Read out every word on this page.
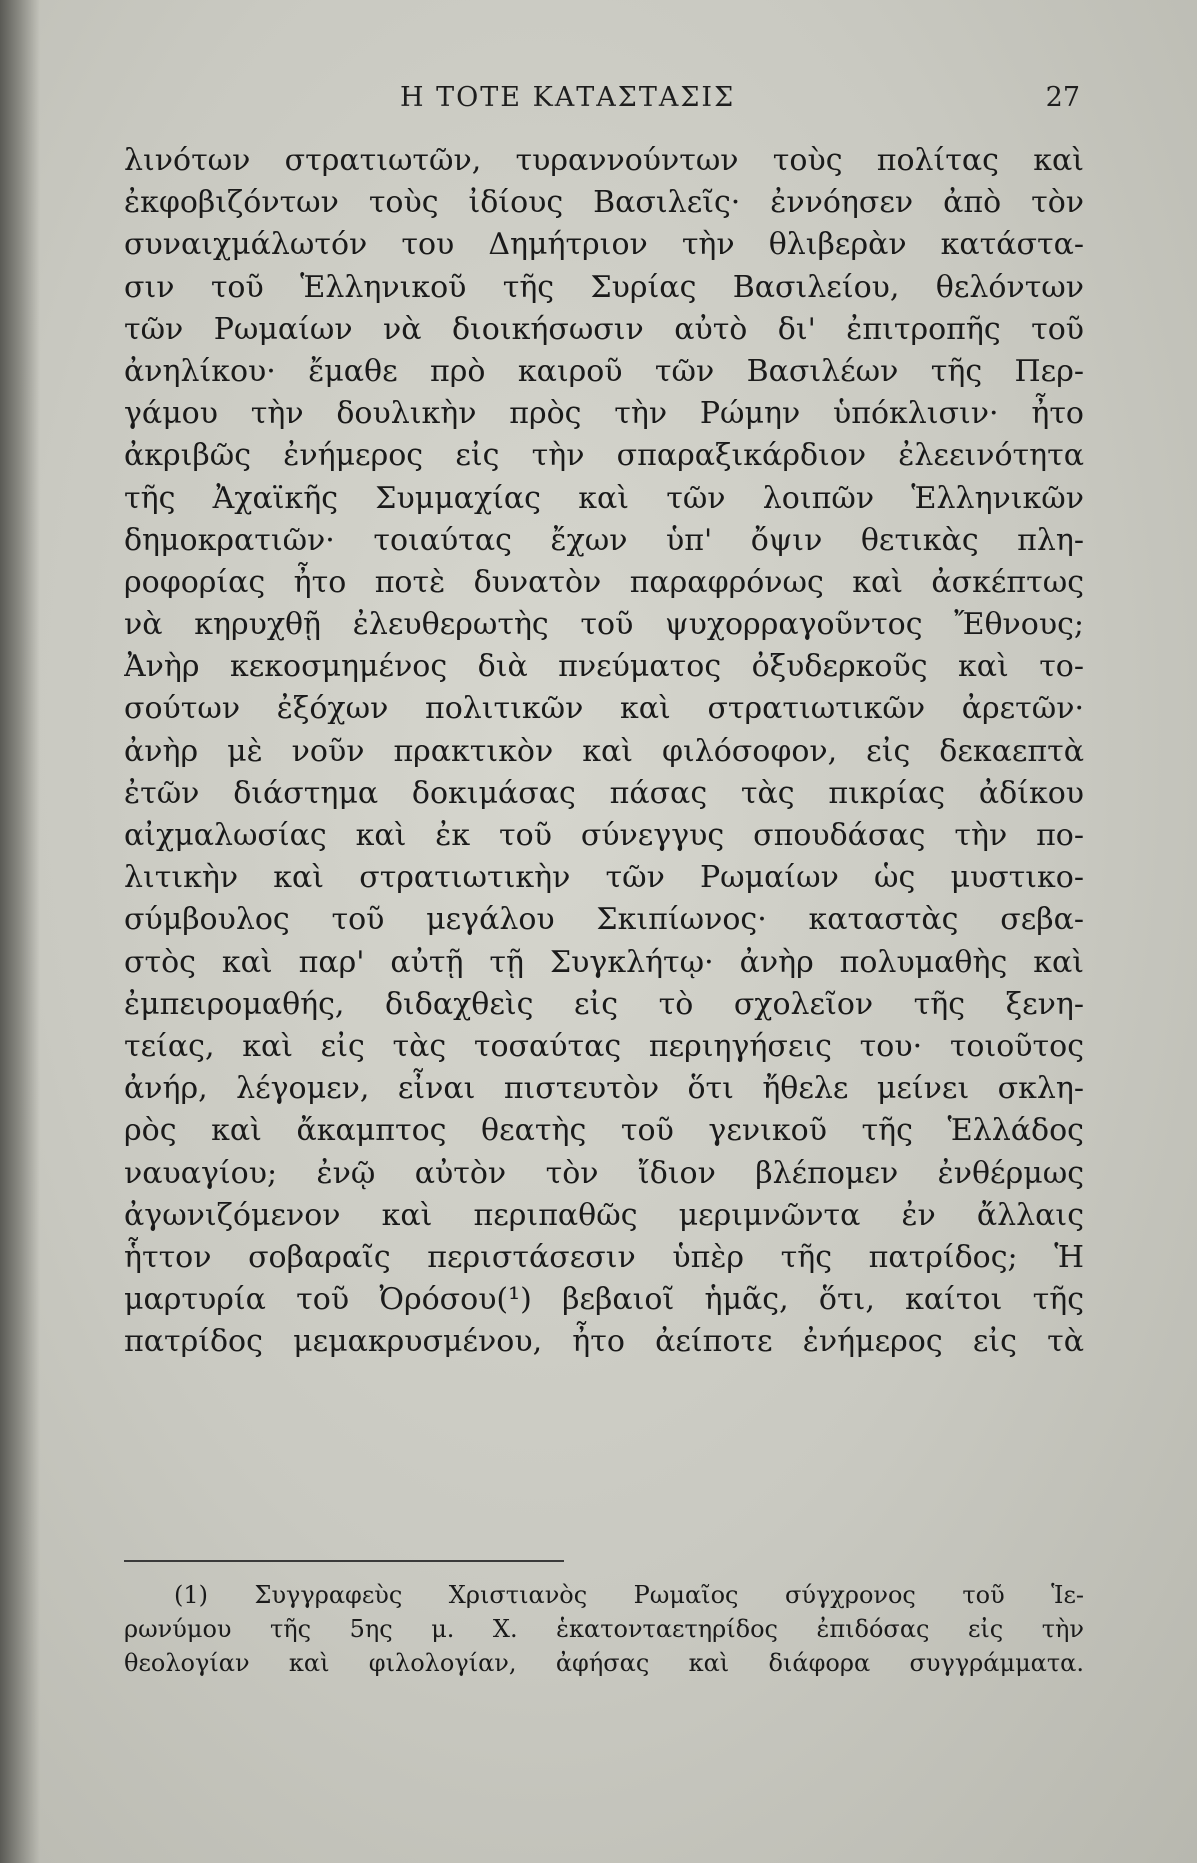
Η ΤΟΤΕ ΚΑΤΑΣΤΑΣΙΣ	27
λινότων στρατιωτῶν, τυραννούντων τοὺς πολίτας καὶ
ἐκφοβιζόντων τοὺς ἰδίους Βασιλεῖς· ἐννόησεν ἀπὸ τὸν
συναιχμάλωτόν του Δημήτριον τὴν θλιβερὰν κατάστα-
σιν τοῦ Ἑλληνικοῦ τῆς Συρίας Βασιλείου, θελόντων
τῶν Ρωμαίων νὰ διοικήσωσιν αὐτὸ δι' ἐπιτροπῆς τοῦ
ἀνηλίκου· ἔμαθε πρὸ καιροῦ τῶν Βασιλέων τῆς Περ-
γάμου τὴν δουλικὴν πρὸς τὴν Ρώμην ὑπόκλισιν· ἦτο
ἀκριβῶς ἐνήμερος εἰς τὴν σπαραξικάρδιον ἐλεεινότητα
τῆς Ἀχαϊκῆς Συμμαχίας καὶ τῶν λοιπῶν Ἑλληνικῶν
δημοκρατιῶν· τοιαύτας ἔχων ὑπ' ὄψιν θετικὰς πλη-
ροφορίας ἦτο ποτὲ δυνατὸν παραφρόνως καὶ ἀσκέπτως
νὰ κηρυχθῇ ἐλευθερωτὴς τοῦ ψυχορραγοῦντος Ἔθνους;
Ἀνὴρ κεκοσμημένος διὰ πνεύματος ὀξυδερκοῦς καὶ το-
σούτων ἐξόχων πολιτικῶν καὶ στρατιωτικῶν ἀρετῶν·
ἀνὴρ μὲ νοῦν πρακτικὸν καὶ φιλόσοφον, εἰς δεκαεπτὰ
ἐτῶν διάστημα δοκιμάσας πάσας τὰς πικρίας ἀδίκου
αἰχμαλωσίας καὶ ἐκ τοῦ σύνεγγυς σπουδάσας τὴν πο-
λιτικὴν καὶ στρατιωτικὴν τῶν Ρωμαίων ὡς μυστικο-
σύμβουλος τοῦ μεγάλου Σκιπίωνος· καταστὰς σεβα-
στὸς καὶ παρ' αὐτῇ τῇ Συγκλήτῳ· ἀνὴρ πολυμαθὴς καὶ
ἐμπειρομαθής, διδαχθεὶς εἰς τὸ σχολεῖον τῆς ξενη-
τείας, καὶ εἰς τὰς τοσαύτας περιηγήσεις του· τοιοῦτος
ἀνήρ, λέγομεν, εἶναι πιστευτὸν ὅτι ἤθελε μείνει σκλη-
ρὸς καὶ ἄκαμπτος θεατὴς τοῦ γενικοῦ τῆς Ἑλλάδος
ναυαγίου; ἐνῷ αὐτὸν τὸν ἴδιον βλέπομεν ἐνθέρμως
ἀγωνιζόμενον καὶ περιπαθῶς μεριμνῶντα ἐν ἄλλαις
ἧττον σοβαραῖς περιστάσεσιν ὑπὲρ τῆς πατρίδος; Ἡ
μαρτυρία τοῦ Ὀρόσου(¹) βεβαιοῖ ἡμᾶς, ὅτι, καίτοι τῆς
πατρίδος μεμακρυσμένου, ἦτο ἀείποτε ἐνήμερος εἰς τὰ
(1) Συγγραφεὺς Χριστιανὸς Ρωμαῖος σύγχρονος τοῦ Ἱε-
ρωνύμου τῆς 5ης μ. Χ. ἑκατονταετηρίδος ἐπιδόσας εἰς τὴν
θεολογίαν καὶ φιλολογίαν, ἀφήσας καὶ διάφορα συγγράμματα.
